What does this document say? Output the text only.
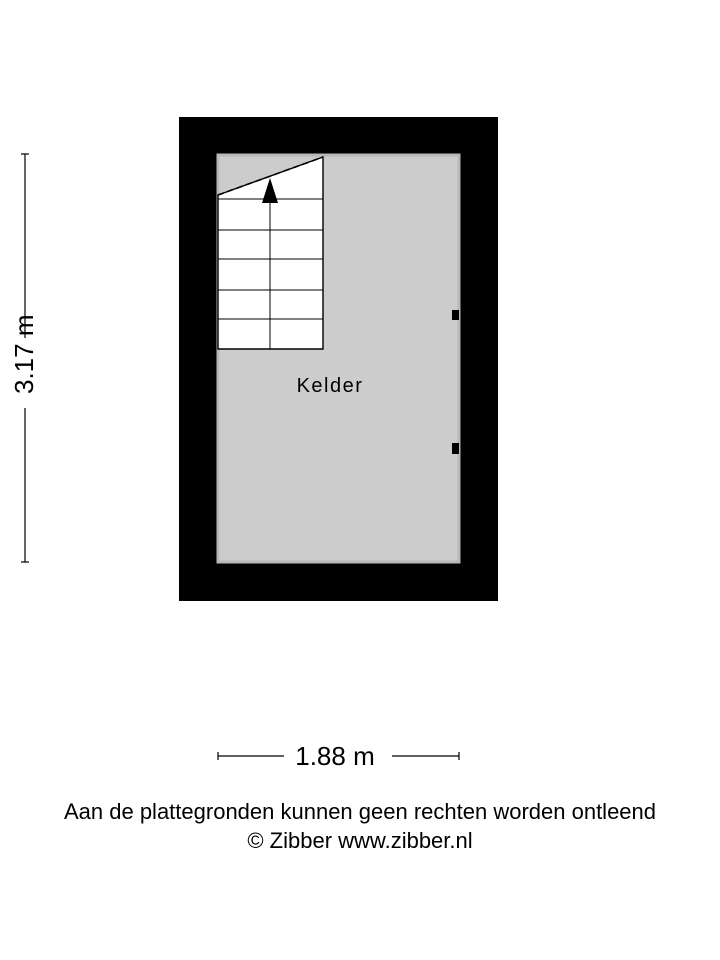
Kelder
3.17 m
1.88 m
Aan de plattegronden kunnen geen rechten worden ontleend
© Zibber www.zibber.nl
